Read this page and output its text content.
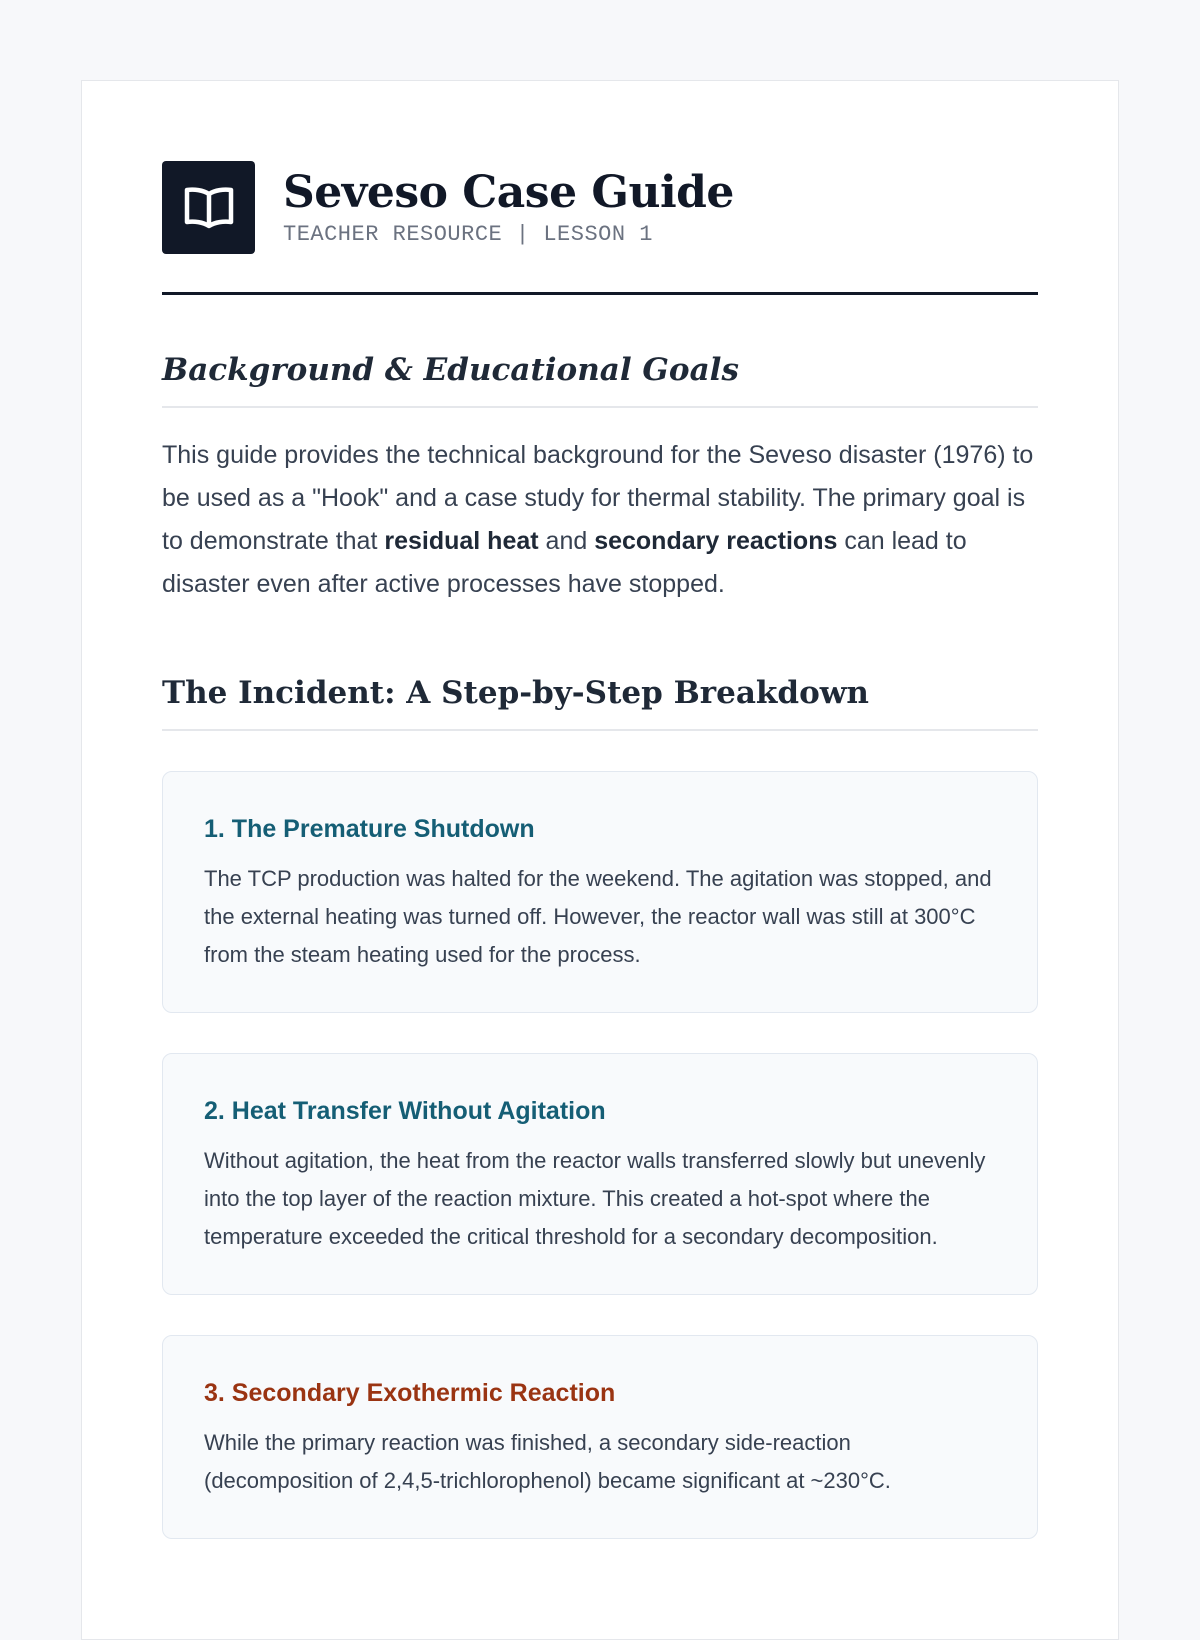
Seveso Case Guide
TEACHER RESOURCE | LESSON 1
Background & Educational Goals
This guide provides the technical background for the Seveso disaster (1976) to be used as a "Hook" and a case study for thermal stability. The primary goal is to demonstrate that residual heat and secondary reactions can lead to disaster even after active processes have stopped.
The Incident: A Step-by-Step Breakdown
1. The Premature Shutdown
The TCP production was halted for the weekend. The agitation was stopped, and the external heating was turned off. However, the reactor wall was still at 300°C from the steam heating used for the process.
2. Heat Transfer Without Agitation
Without agitation, the heat from the reactor walls transferred slowly but unevenly into the top layer of the reaction mixture. This created a hot-spot where the temperature exceeded the critical threshold for a secondary decomposition.
3. Secondary Exothermic Reaction
While the primary reaction was finished, a secondary side-reaction (decomposition of 2,4,5-trichlorophenol) became significant at ~230°C.
